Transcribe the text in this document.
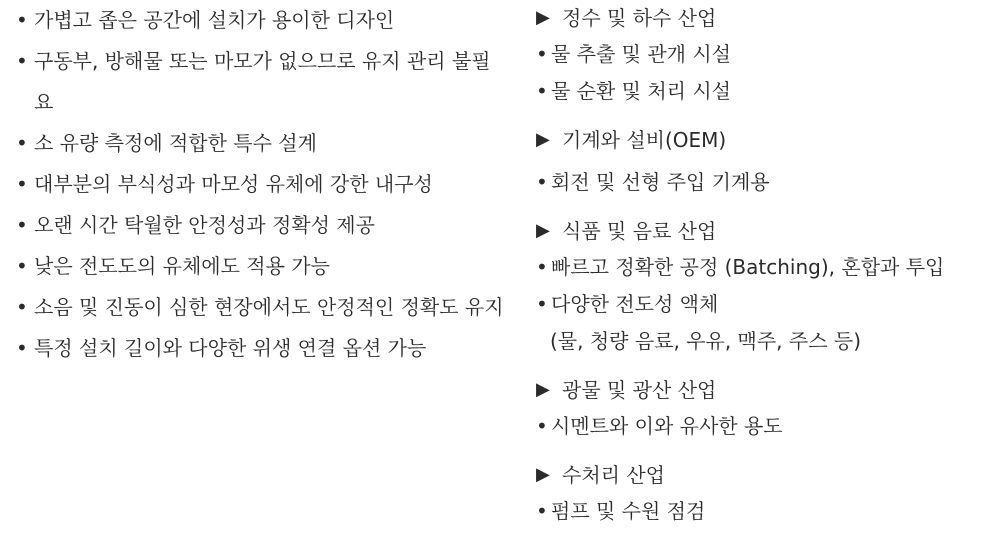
• 가볍고 좁은 공간에 설치가 용이한 디자인
• 구동부, 방해물 또는 마모가 없으므로 유지 관리 불필요
• 소 유량 측정에 적합한 특수 설계
• 대부분의 부식성과 마모성 유체에 강한 내구성
• 오랜 시간 탁월한 안정성과 정확성 제공
• 낮은 전도도의 유체에도 적용 가능
• 소음 및 진동이 심한 현장에서도 안정적인 정확도 유지
• 특정 설치 길이와 다양한 위생 연결 옵션 가능
▶ 정수 및 하수 산업
• 물 추출 및 관개 시설
• 물 순환 및 처리 시설
▶ 기계와 설비(OEM)
• 회전 및 선형 주입 기계용
▶ 식품 및 음료 산업
• 빠르고 정확한 공정 (Batching), 혼합과 투입
• 다양한 전도성 액체
(물, 청량 음료, 우유, 맥주, 주스 등)
▶ 광물 및 광산 산업
• 시멘트와 이와 유사한 용도
▶ 수처리 산업
• 펌프 및 수원 점검
